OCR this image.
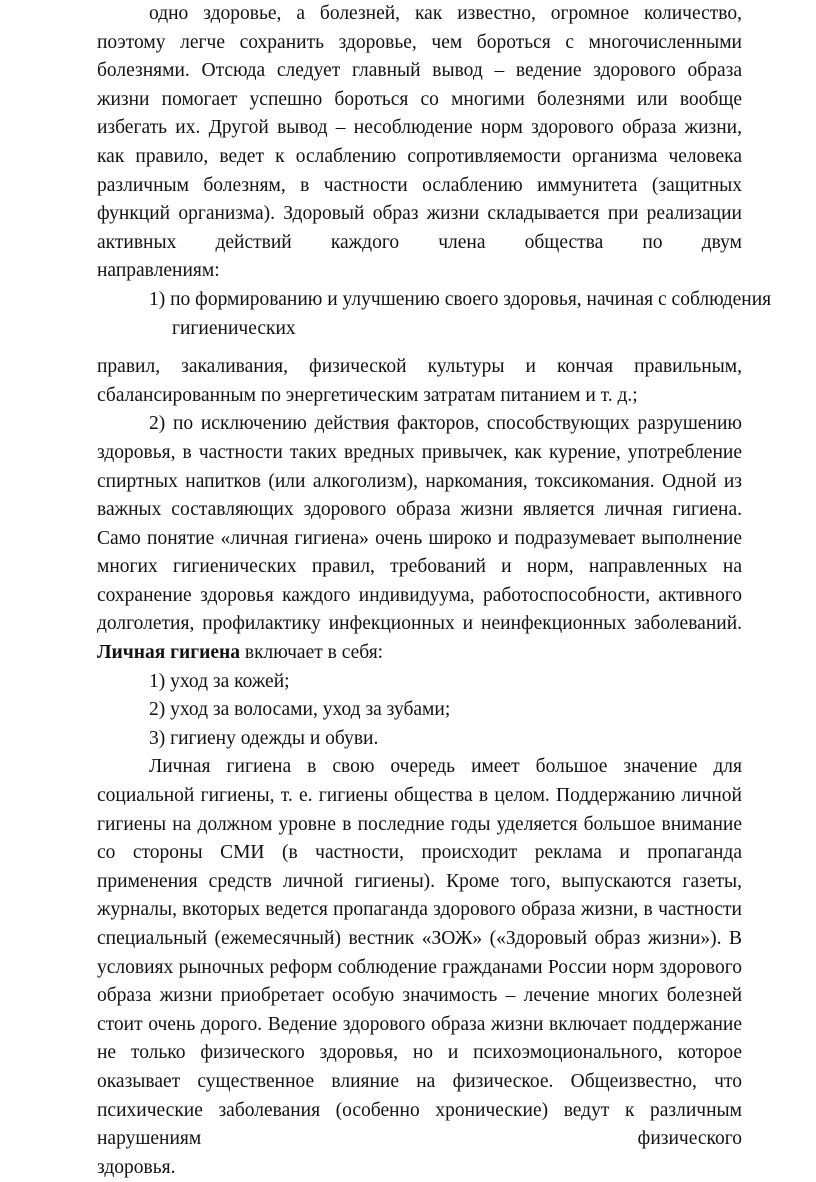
одно здоровье, а болезней, как известно, огромное количество, поэтому легче сохранить здоровье, чем бороться с многочисленными болезнями. Отсюда следует главный вывод – ведение здорового образа жизни помогает успешно бороться со многими болезнями или вообще избегать их. Другой вывод – несоблюдение норм здорового образа жизни, как правило, ведет к ослаблению сопротивляемости организма человека различным болезням, в частности ослаблению иммунитета (защитных функций организма). Здоровый образ жизни складывается при реализации активных действий каждого члена общества по двум

направлениям:

1) по формированию и улучшению своего здоровья, начиная с соблюдения

гигиенических

правил, закаливания, физической культуры и кончая правильным,

сбалансированным по энергетическим затратам питанием и т. д.;

2) по исключению действия факторов, способствующих разрушению здоровья, в частности таких вредных привычек, как курение, употребление спиртных напитков (или алкоголизм), наркомания, токсикомания. Одной из важных составляющих здорового образа жизни является личная гигиена. Само понятие «личная гигиена» очень широко и подразумевает выполнение многих гигиенических правил, требований и норм, направленных на сохранение здоровья каждого индивидуума, работоспособности, активного долголетия, профилактику инфекционных и неинфекционных заболеваний. Личная гигиена включает в себя:

1) уход за кожей;

2) уход за волосами, уход за зубами;

3) гигиену одежды и обуви.

Личная гигиена в свою очередь имеет большое значение для социальной гигиены, т. е. гигиены общества в целом. Поддержанию личной гигиены на должном уровне в последние годы уделяется большое внимание со стороны СМИ (в частности, происходит реклама и пропаганда применения средств личной гигиены). Кроме того, выпускаются газеты, журналы, вкоторых ведется пропаганда здорового образа жизни, в частности специальный (ежемесячный) вестник «ЗОЖ» («Здоровый образ жизни»). В условиях рыночных реформ соблюдение гражданами России норм здорового образа жизни приобретает особую значимость – лечение многих болезней стоит очень дорого. Ведение здорового образа жизни включает поддержание не только физического здоровья, но и психоэмоционального, которое оказывает существенное влияние на физическое. Общеизвестно, что психические заболевания (особенно хронические) ведут к различным нарушениям физического

здоровья.
